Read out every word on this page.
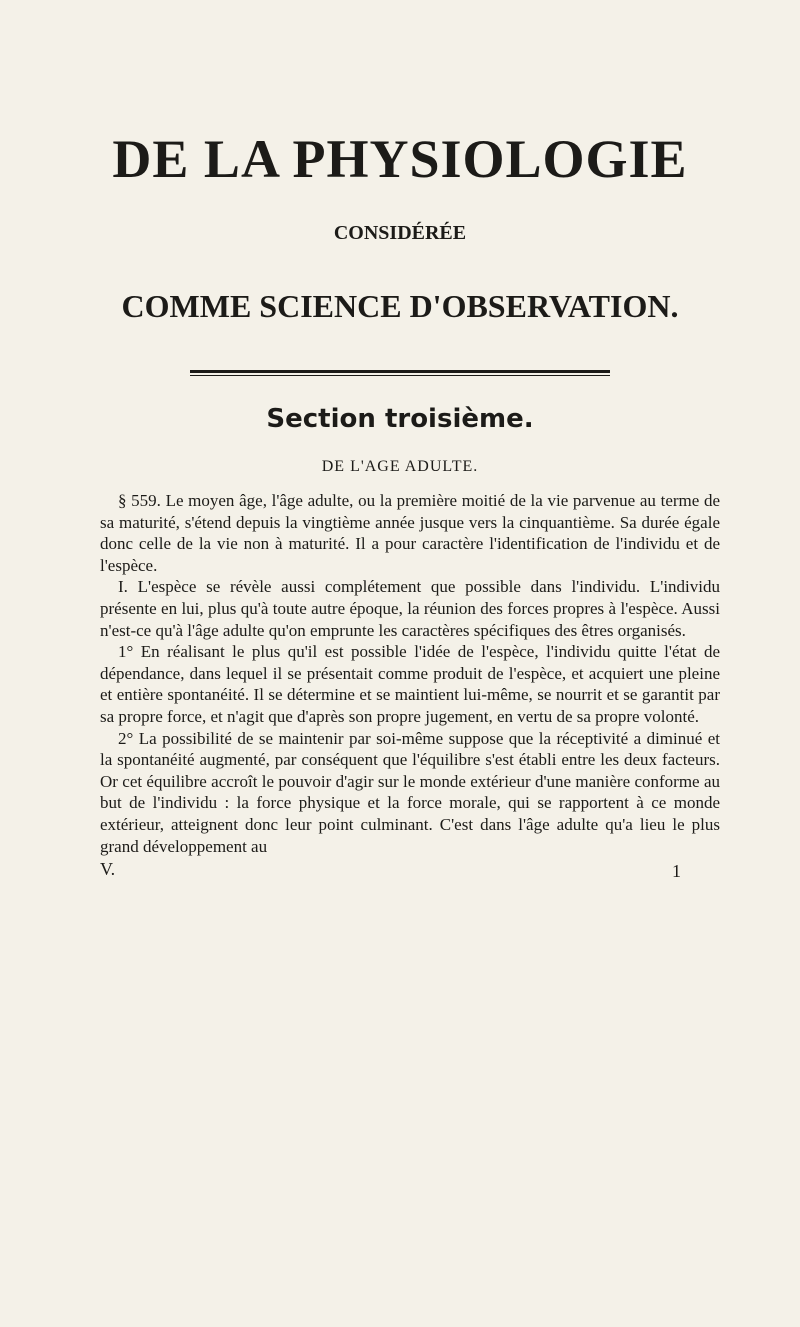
DE LA PHYSIOLOGIE
CONSIDÉRÉE
COMME SCIENCE D'OBSERVATION.
Section troisième.
DE L'AGE ADULTE.

§ 559. Le moyen âge, l'âge adulte, ou la première moitié de la vie parvenue au terme de sa maturité, s'étend depuis la vingtième année jusque vers la cinquantième. Sa durée égale donc celle de la vie non à maturité. Il a pour caractère l'identification de l'individu et de l'espèce.

I. L'espèce se révèle aussi complétement que possible dans l'individu. L'individu présente en lui, plus qu'à toute autre époque, la réunion des forces propres à l'espèce. Aussi n'est-ce qu'à l'âge adulte qu'on emprunte les caractères spécifiques des êtres organisés.

1° En réalisant le plus qu'il est possible l'idée de l'espèce, l'individu quitte l'état de dépendance, dans lequel il se présentait comme produit de l'espèce, et acquiert une pleine et entière spontanéité. Il se détermine et se maintient lui-même, se nourrit et se garantit par sa propre force, et n'agit que d'après son propre jugement, en vertu de sa propre volonté.

2° La possibilité de se maintenir par soi-même suppose que la réceptivité a diminué et la spontanéité augmenté, par conséquent que l'équilibre s'est établi entre les deux facteurs. Or cet équilibre accroît le pouvoir d'agir sur le monde extérieur d'une manière conforme au but de l'individu : la force physique et la force morale, qui se rapportent à ce monde extérieur, atteignent donc leur point culminant. C'est dans l'âge adulte qu'a lieu le plus grand développement au

V.	1
